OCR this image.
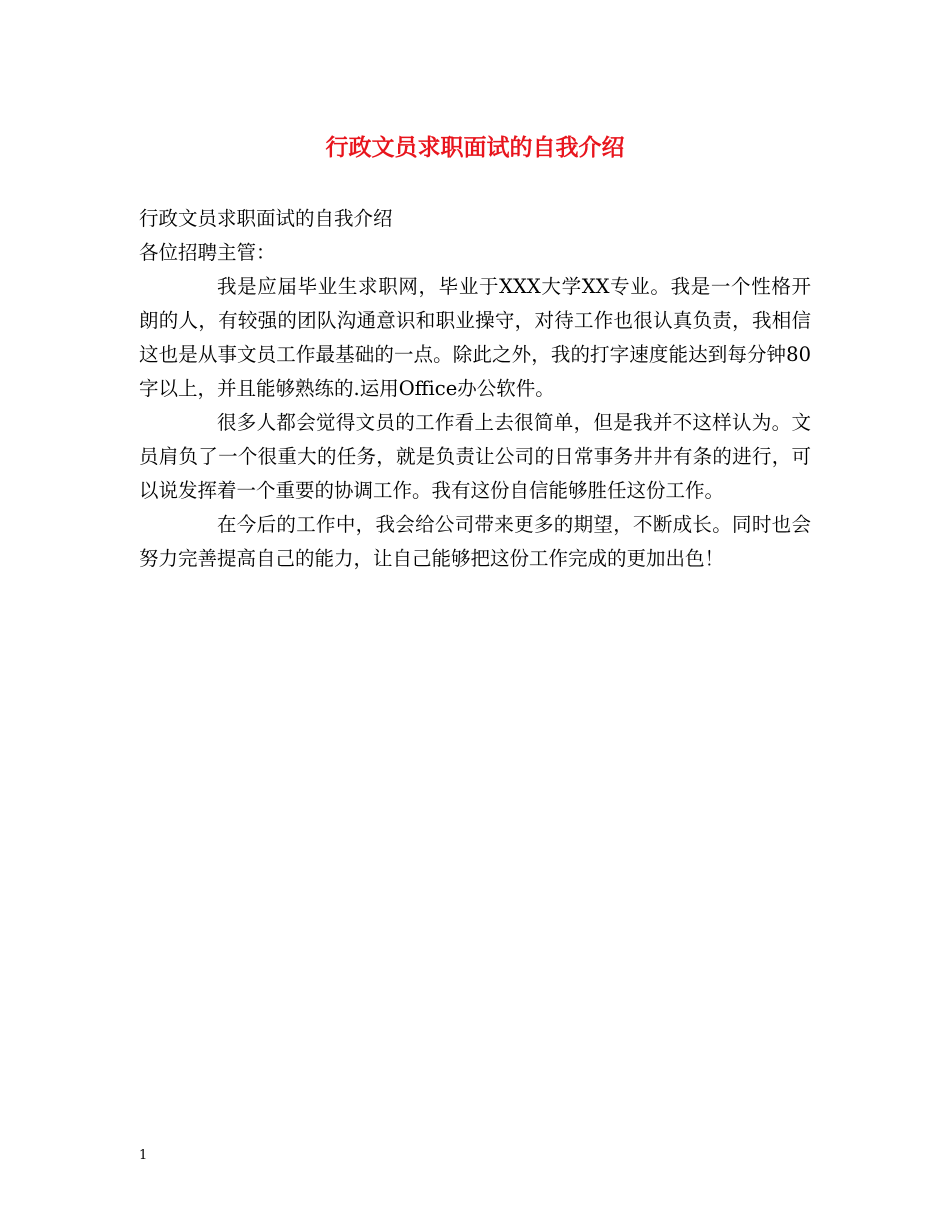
行政文员求职面试的自我介绍

行政文员求职面试的自我介绍

各位招聘主管：

我是应届毕业生求职网，毕业于XXX大学XX专业。我是一个性格开朗的人，有较强的团队沟通意识和职业操守，对待工作也很认真负责，我相信这也是从事文员工作最基础的一点。除此之外，我的打字速度能达到每分钟80字以上，并且能够熟练的.运用Office办公软件。

很多人都会觉得文员的工作看上去很简单，但是我并不这样认为。文员肩负了一个很重大的任务，就是负责让公司的日常事务井井有条的进行，可以说发挥着一个重要的协调工作。我有这份自信能够胜任这份工作。

在今后的工作中，我会给公司带来更多的期望，不断成长。同时也会努力完善提高自己的能力，让自己能够把这份工作完成的更加出色！

1
